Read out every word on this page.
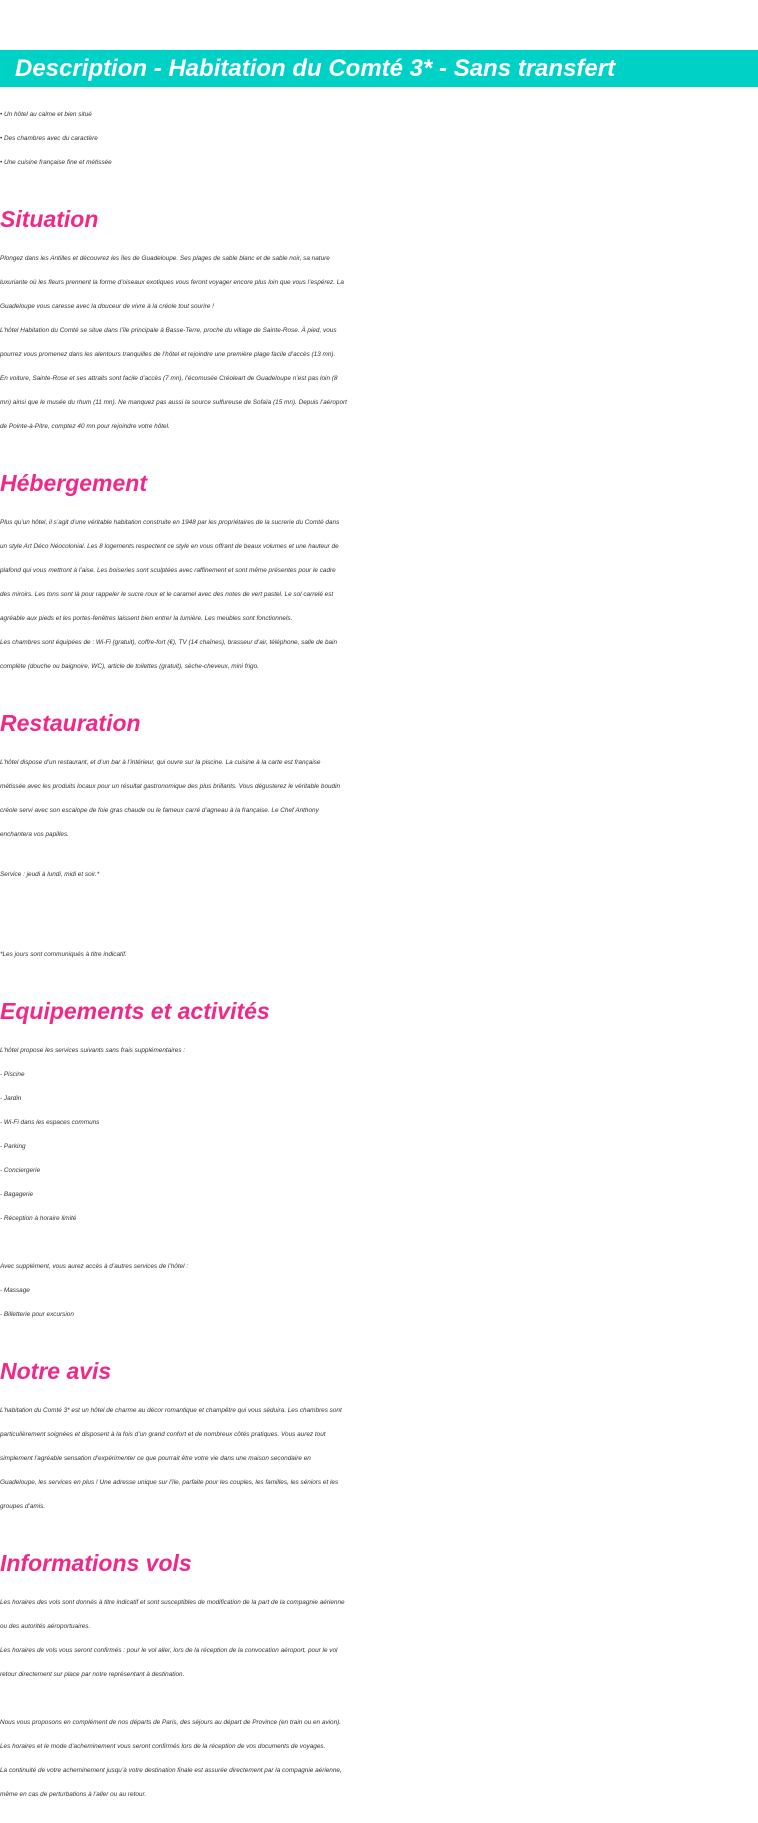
Description - Habitation du Comté 3* - Sans transfert
• Un hôtel au calme et bien situé
• Des chambres avec du caractère
• Une cuisine française fine et métissée
Situation
Plongez dans les Antilles et découvrez les îles de Guadeloupe. Ses plages de sable blanc et de sable noir, sa nature
luxuriante où les fleurs prennent la forme d’oiseaux exotiques vous feront voyager encore plus loin que vous l’espérez. La
Guadeloupe vous caresse avec la douceur de vivre à la créole tout sourire !
L’hôtel Habitation du Comté se situe dans l’île principale à Basse-Terre, proche du village de Sainte-Rose. À pied, vous
pourrez vous promenez dans les alentours tranquilles de l’hôtel et rejoindre une première plage facile d’accès (13 mn).
En voiture, Sainte-Rose et ses attraits sont facile d’accès (7 mn), l’écomusée Créoleart de Guadeloupe n’est pas loin (8
mn) ainsi que le musée du rhum (11 mn). Ne manquez pas aussi la source sulfureuse de Sofaïa (15 mn). Depuis l’aéroport
de Pointe-à-Pitre, comptez 40 mn pour rejoindre votre hôtel.
Hébergement
Plus qu’un hôtel, il s’agit d’une véritable habitation construite en 1948 par les propriétaires de la sucrerie du Comté dans
un style Art Déco Néocolonial. Les 8 logements respectent ce style en vous offrant de beaux volumes et une hauteur de
plafond qui vous mettront à l’aise. Les boiseries sont sculptées avec raffinement et sont même présentes pour le cadre
des miroirs. Les tons sont là pour rappeler le sucre roux et le caramel avec des notes de vert pastel. Le sol carrelé est
agréable aux pieds et les portes-fenêtres laissent bien entrer la lumière. Les meubles sont fonctionnels.
Les chambres sont équipées de : Wi-Fi (gratuit), coffre-fort (€), TV (14 chaînes), brasseur d’air, téléphone, salle de bain
complète (douche ou baignoire, WC), article de toilettes (gratuit), sèche-cheveux, mini frigo.
Restauration
L’hôtel dispose d’un restaurant, et d’un bar à l’intérieur, qui ouvre sur la piscine. La cuisine à la carte est française
métissée avec les produits locaux pour un résultat gastronomique des plus brillants. Vous dégusterez le véritable boudin
créole servi avec son escalope de foie gras chaude ou le fameux carré d’agneau à la française. Le Chef Anthony
enchantera vos papilles.
Service : jeudi à lundi, midi et soir.*
*Les jours sont communiqués à titre indicatif.
Equipements et activités
L’hôtel propose les services suivants sans frais supplémentaires :
- Piscine
- Jardin
- Wi-Fi dans les espaces communs
- Parking
- Conciergerie
- Bagagerie
- Réception à horaire limité
Avec supplément, vous aurez accès à d’autres services de l’hôtel :
- Massage
- Billetterie pour excursion
Notre avis
L’habitation du Comté 3* est un hôtel de charme au décor romantique et champêtre qui vous séduira. Les chambres sont
particulièrement soignées et disposent à la fois d’un grand confort et de nombreux côtés pratiques. Vous aurez tout
simplement l’agréable sensation d’expérimenter ce que pourrait être votre vie dans une maison secondaire en
Guadeloupe, les services en plus ! Une adresse unique sur l’île, parfaite pour les couples, les familles, les séniors et les
groupes d’amis.
Informations vols
Les horaires des vols sont donnés à titre indicatif et sont susceptibles de modification de la part de la compagnie aérienne
ou des autorités aéroportuaires.
Les horaires de vols vous seront confirmés : pour le vol aller, lors de la réception de la convocation aéroport, pour le vol
retour directement sur place par notre représentant à destination.
Nous vous proposons en complément de nos départs de Paris, des séjours au départ de Province (en train ou en avion).
Les horaires et le mode d’acheminement vous seront confirmés lors de la réception de vos documents de voyages.
La continuité de votre acheminement jusqu’à votre destination finale est assurée directement par la compagnie aérienne,
même en cas de perturbations à l’aller ou au retour.
